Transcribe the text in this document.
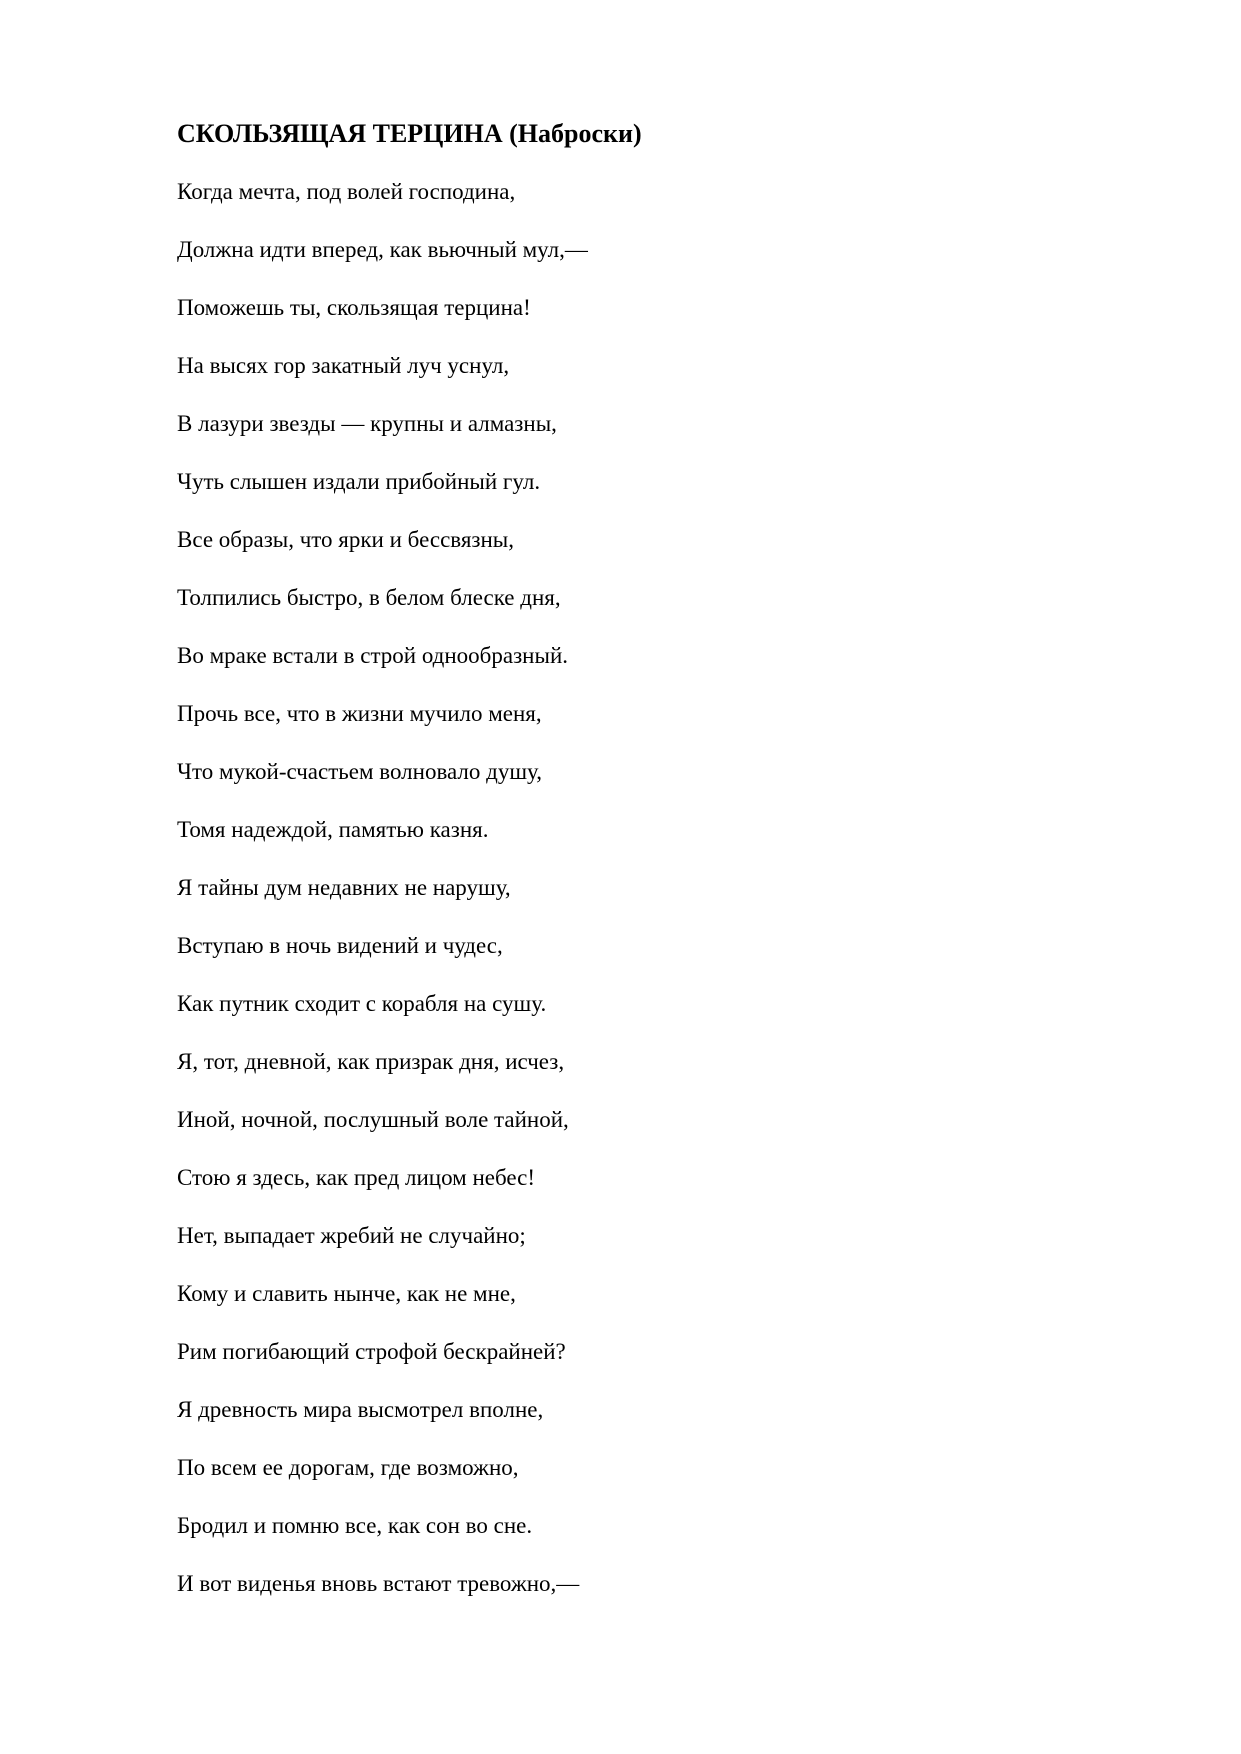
СКОЛЬЗЯЩАЯ ТЕРЦИНА (Наброски)
Когда мечта, под волей господина,
Должна идти вперед, как вьючный мул,—
Поможешь ты, скользящая терцина!
На высях гор закатный луч уснул,
В лазури звезды — крупны и алмазны,
Чуть слышен издали прибойный гул.
Все образы, что ярки и бессвязны,
Толпились быстро, в белом блеске дня,
Во мраке встали в строй однообразный.
Прочь все, что в жизни мучило меня,
Что мукой-счастьем волновало душу,
Томя надеждой, памятью казня.
Я тайны дум недавних не нарушу,
Вступаю в ночь видений и чудес,
Как путник сходит с корабля на сушу.
Я, тот, дневной, как призрак дня, исчез,
Иной, ночной, послушный воле тайной,
Стою я здесь, как пред лицом небес!
Нет, выпадает жребий не случайно;
Кому и славить нынче, как не мне,
Рим погибающий строфой бескрайней?
Я древность мира высмотрел вполне,
По всем ее дорогам, где возможно,
Бродил и помню все, как сон во сне.
И вот виденья вновь встают тревожно,—
